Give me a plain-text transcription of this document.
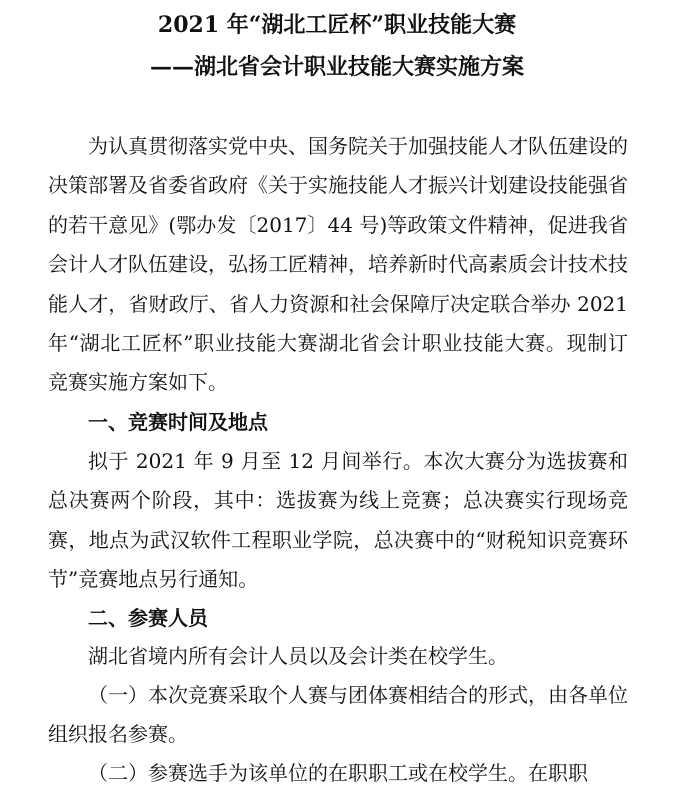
2021 年“湖北工匠杯”职业技能大赛
——湖北省会计职业技能大赛实施方案

为认真贯彻落实党中央、国务院关于加强技能人才队伍建设的决策部署及省委省政府《关于实施技能人才振兴计划建设技能强省的若干意见》(鄂办发〔2017〕44 号)等政策文件精神，促进我省会计人才队伍建设，弘扬工匠精神，培养新时代高素质会计技术技能人才，省财政厅、省人力资源和社会保障厅决定联合举办 2021 年“湖北工匠杯”职业技能大赛湖北省会计职业技能大赛。现制订竞赛实施方案如下。

一、竞赛时间及地点

拟于 2021 年 9 月至 12 月间举行。本次大赛分为选拔赛和总决赛两个阶段，其中：选拔赛为线上竞赛；总决赛实行现场竞赛，地点为武汉软件工程职业学院，总决赛中的“财税知识竞赛环节”竞赛地点另行通知。

二、参赛人员

湖北省境内所有会计人员以及会计类在校学生。

（一）本次竞赛采取个人赛与团体赛相结合的形式，由各单位组织报名参赛。

（二）参赛选手为该单位的在职职工或在校学生。在职职
